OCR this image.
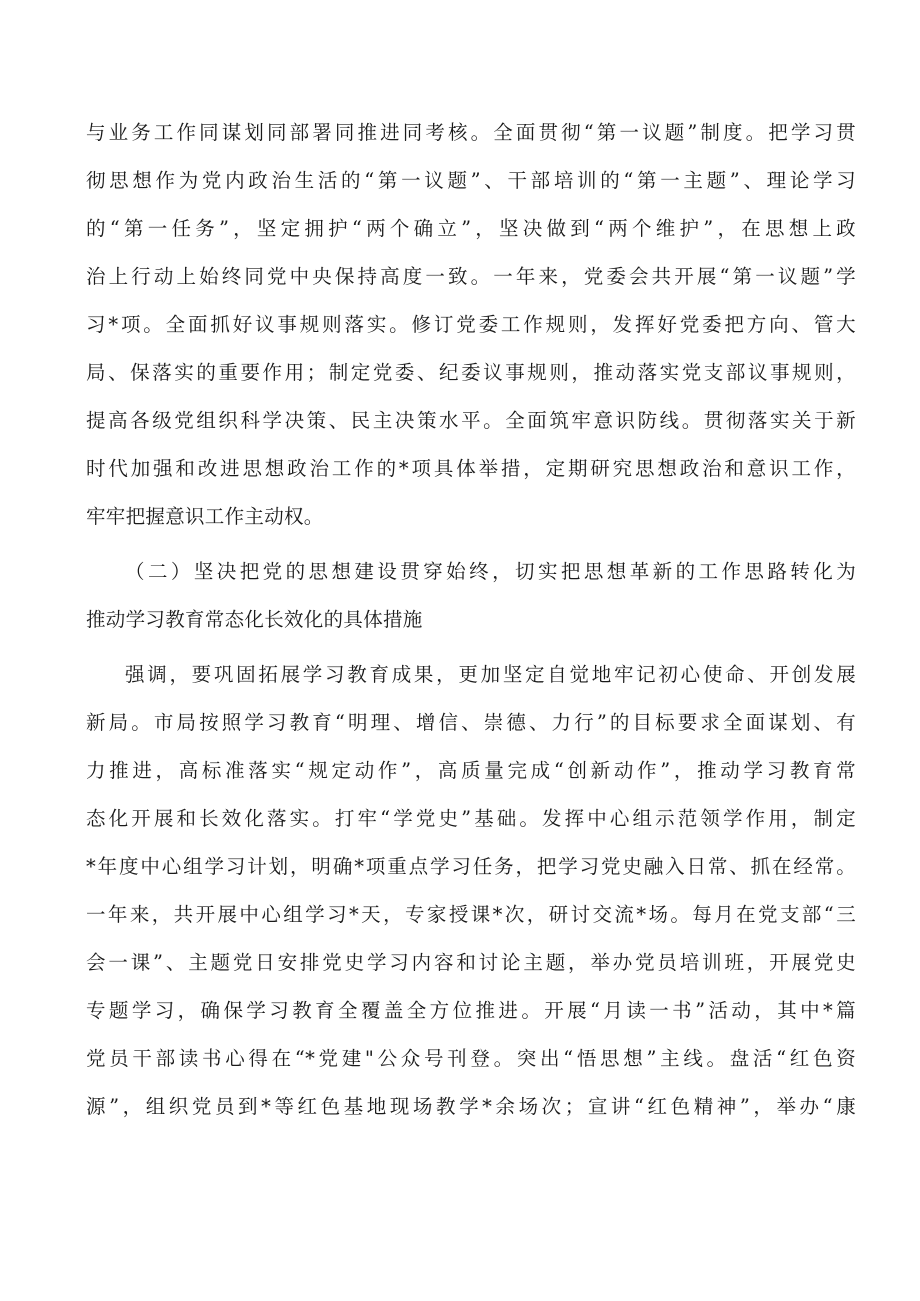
与业务工作同谋划同部署同推进同考核。全面贯彻“第一议题”制度。把学习贯
彻思想作为党内政治生活的“第一议题”、干部培训的“第一主题”、理论学习
的“第一任务”，坚定拥护“两个确立”，坚决做到“两个维护”，在思想上政
治上行动上始终同党中央保持高度一致。一年来，党委会共开展“第一议题”学
习*项。全面抓好议事规则落实。修订党委工作规则，发挥好党委把方向、管大
局、保落实的重要作用；制定党委、纪委议事规则，推动落实党支部议事规则，
提高各级党组织科学决策、民主决策水平。全面筑牢意识防线。贯彻落实关于新
时代加强和改进思想政治工作的*项具体举措，定期研究思想政治和意识工作，
牢牢把握意识工作主动权。
（二）坚决把党的思想建设贯穿始终，切实把思想革新的工作思路转化为
推动学习教育常态化长效化的具体措施
强调，要巩固拓展学习教育成果，更加坚定自觉地牢记初心使命、开创发展
新局。市局按照学习教育“明理、增信、崇德、力行”的目标要求全面谋划、有
力推进，高标准落实“规定动作”，高质量完成“创新动作”，推动学习教育常
态化开展和长效化落实。打牢“学党史”基础。发挥中心组示范领学作用，制定
*年度中心组学习计划，明确*项重点学习任务，把学习党史融入日常、抓在经常。
一年来，共开展中心组学习*天，专家授课*次，研讨交流*场。每月在党支部“三
会一课”、主题党日安排党史学习内容和讨论主题，举办党员培训班，开展党史
专题学习，确保学习教育全覆盖全方位推进。开展“月读一书”活动，其中*篇
党员干部读书心得在“*党建"公众号刊登。突出“悟思想”主线。盘活“红色资
源”，组织党员到*等红色基地现场教学*余场次；宣讲“红色精神”，举办“康
